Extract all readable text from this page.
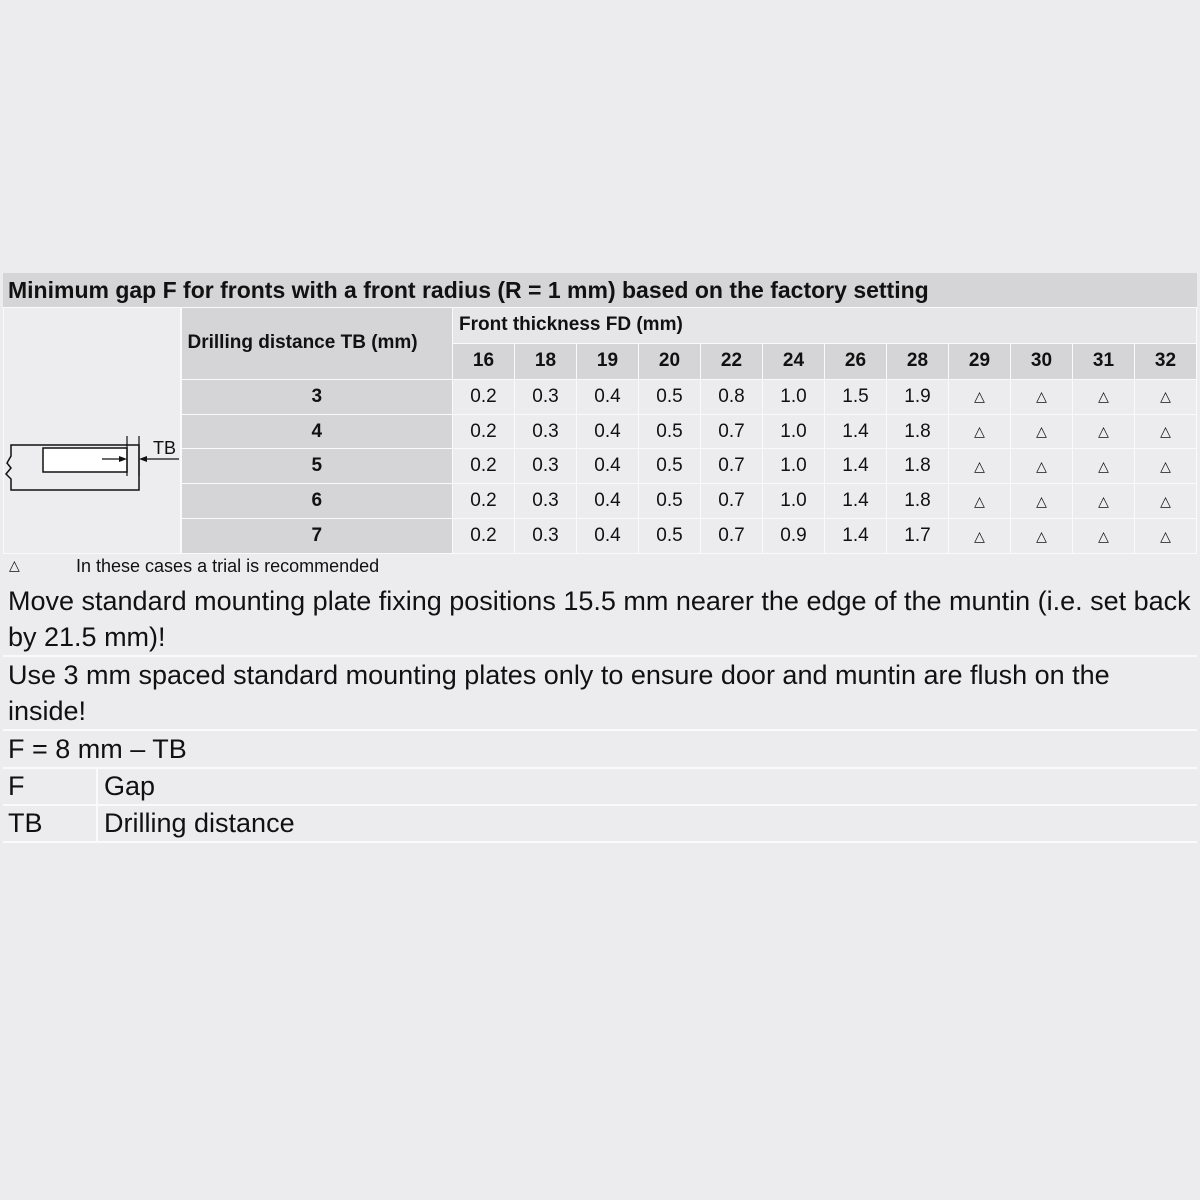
Minimum gap F for fronts with a front radius (R = 1 mm) based on the factory setting
TB	Drilling distance TB (mm)	Front thickness FD (mm)											
		16	18	19	20	22	24	26	28	29	30	31	32
	3	0.2	0.3	0.4	0.5	0.8	1.0	1.5	1.9	△	△	△	△
	4	0.2	0.3	0.4	0.5	0.7	1.0	1.4	1.8	△	△	△	△
	5	0.2	0.3	0.4	0.5	0.7	1.0	1.4	1.8	△	△	△	△
	6	0.2	0.3	0.4	0.5	0.7	1.0	1.4	1.8	△	△	△	△
	7	0.2	0.3	0.4	0.5	0.7	0.9	1.4	1.7	△	△	△	△
△	In these cases a trial is recommended
Move standard mounting plate fixing positions 15.5 mm nearer the edge of the muntin (i.e. set back by 21.5 mm)!
Use 3 mm spaced standard mounting plates only to ensure door and muntin are flush on the inside!
F = 8 mm – TB
F	Gap
TB	Drilling distance
